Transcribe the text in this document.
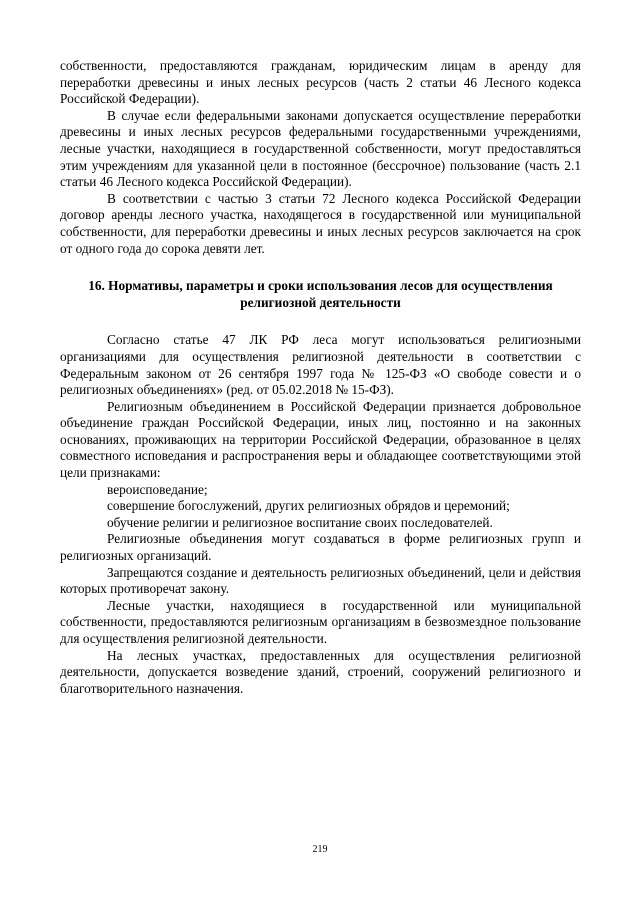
собственности, предоставляются гражданам, юридическим лицам в аренду для переработки древесины и иных лесных ресурсов (часть 2 статьи 46 Лесного кодекса Российской Федерации).

В случае если федеральными законами допускается осуществление переработки древесины и иных лесных ресурсов федеральными государственными учреждениями, лесные участки, находящиеся в государственной собственности, могут предоставляться этим учреждениям для указанной цели в постоянное (бессрочное) пользование (часть 2.1 статьи 46 Лесного кодекса Российской Федерации).

В соответствии с частью 3 статьи 72 Лесного кодекса Российской Федерации договор аренды лесного участка, находящегося в государственной или муниципальной собственности, для переработки древесины и иных лесных ресурсов заключается на срок от одного года до сорока девяти лет.

16. Нормативы, параметры и сроки использования лесов для осуществления религиозной деятельности

Согласно статье 47 ЛК РФ леса могут использоваться религиозными организациями для осуществления религиозной деятельности в соответствии с Федеральным законом от 26 сентября 1997 года № 125-ФЗ «О свободе совести и о религиозных объединениях» (ред. от 05.02.2018 № 15-ФЗ).

Религиозным объединением в Российской Федерации признается добровольное объединение граждан Российской Федерации, иных лиц, постоянно и на законных основаниях, проживающих на территории Российской Федерации, образованное в целях совместного исповедания и распространения веры и обладающее соответствующими этой цели признаками:

вероисповедание;

совершение богослужений, других религиозных обрядов и церемоний;

обучение религии и религиозное воспитание своих последователей.

Религиозные объединения могут создаваться в форме религиозных групп и религиозных организаций.

Запрещаются создание и деятельность религиозных объединений, цели и действия которых противоречат закону.

Лесные участки, находящиеся в государственной или муниципальной собственности, предоставляются религиозным организациям в безвозмездное пользование для осуществления религиозной деятельности.

На лесных участках, предоставленных для осуществления религиозной деятельности, допускается возведение зданий, строений, сооружений религиозного и благотворительного назначения.

219
